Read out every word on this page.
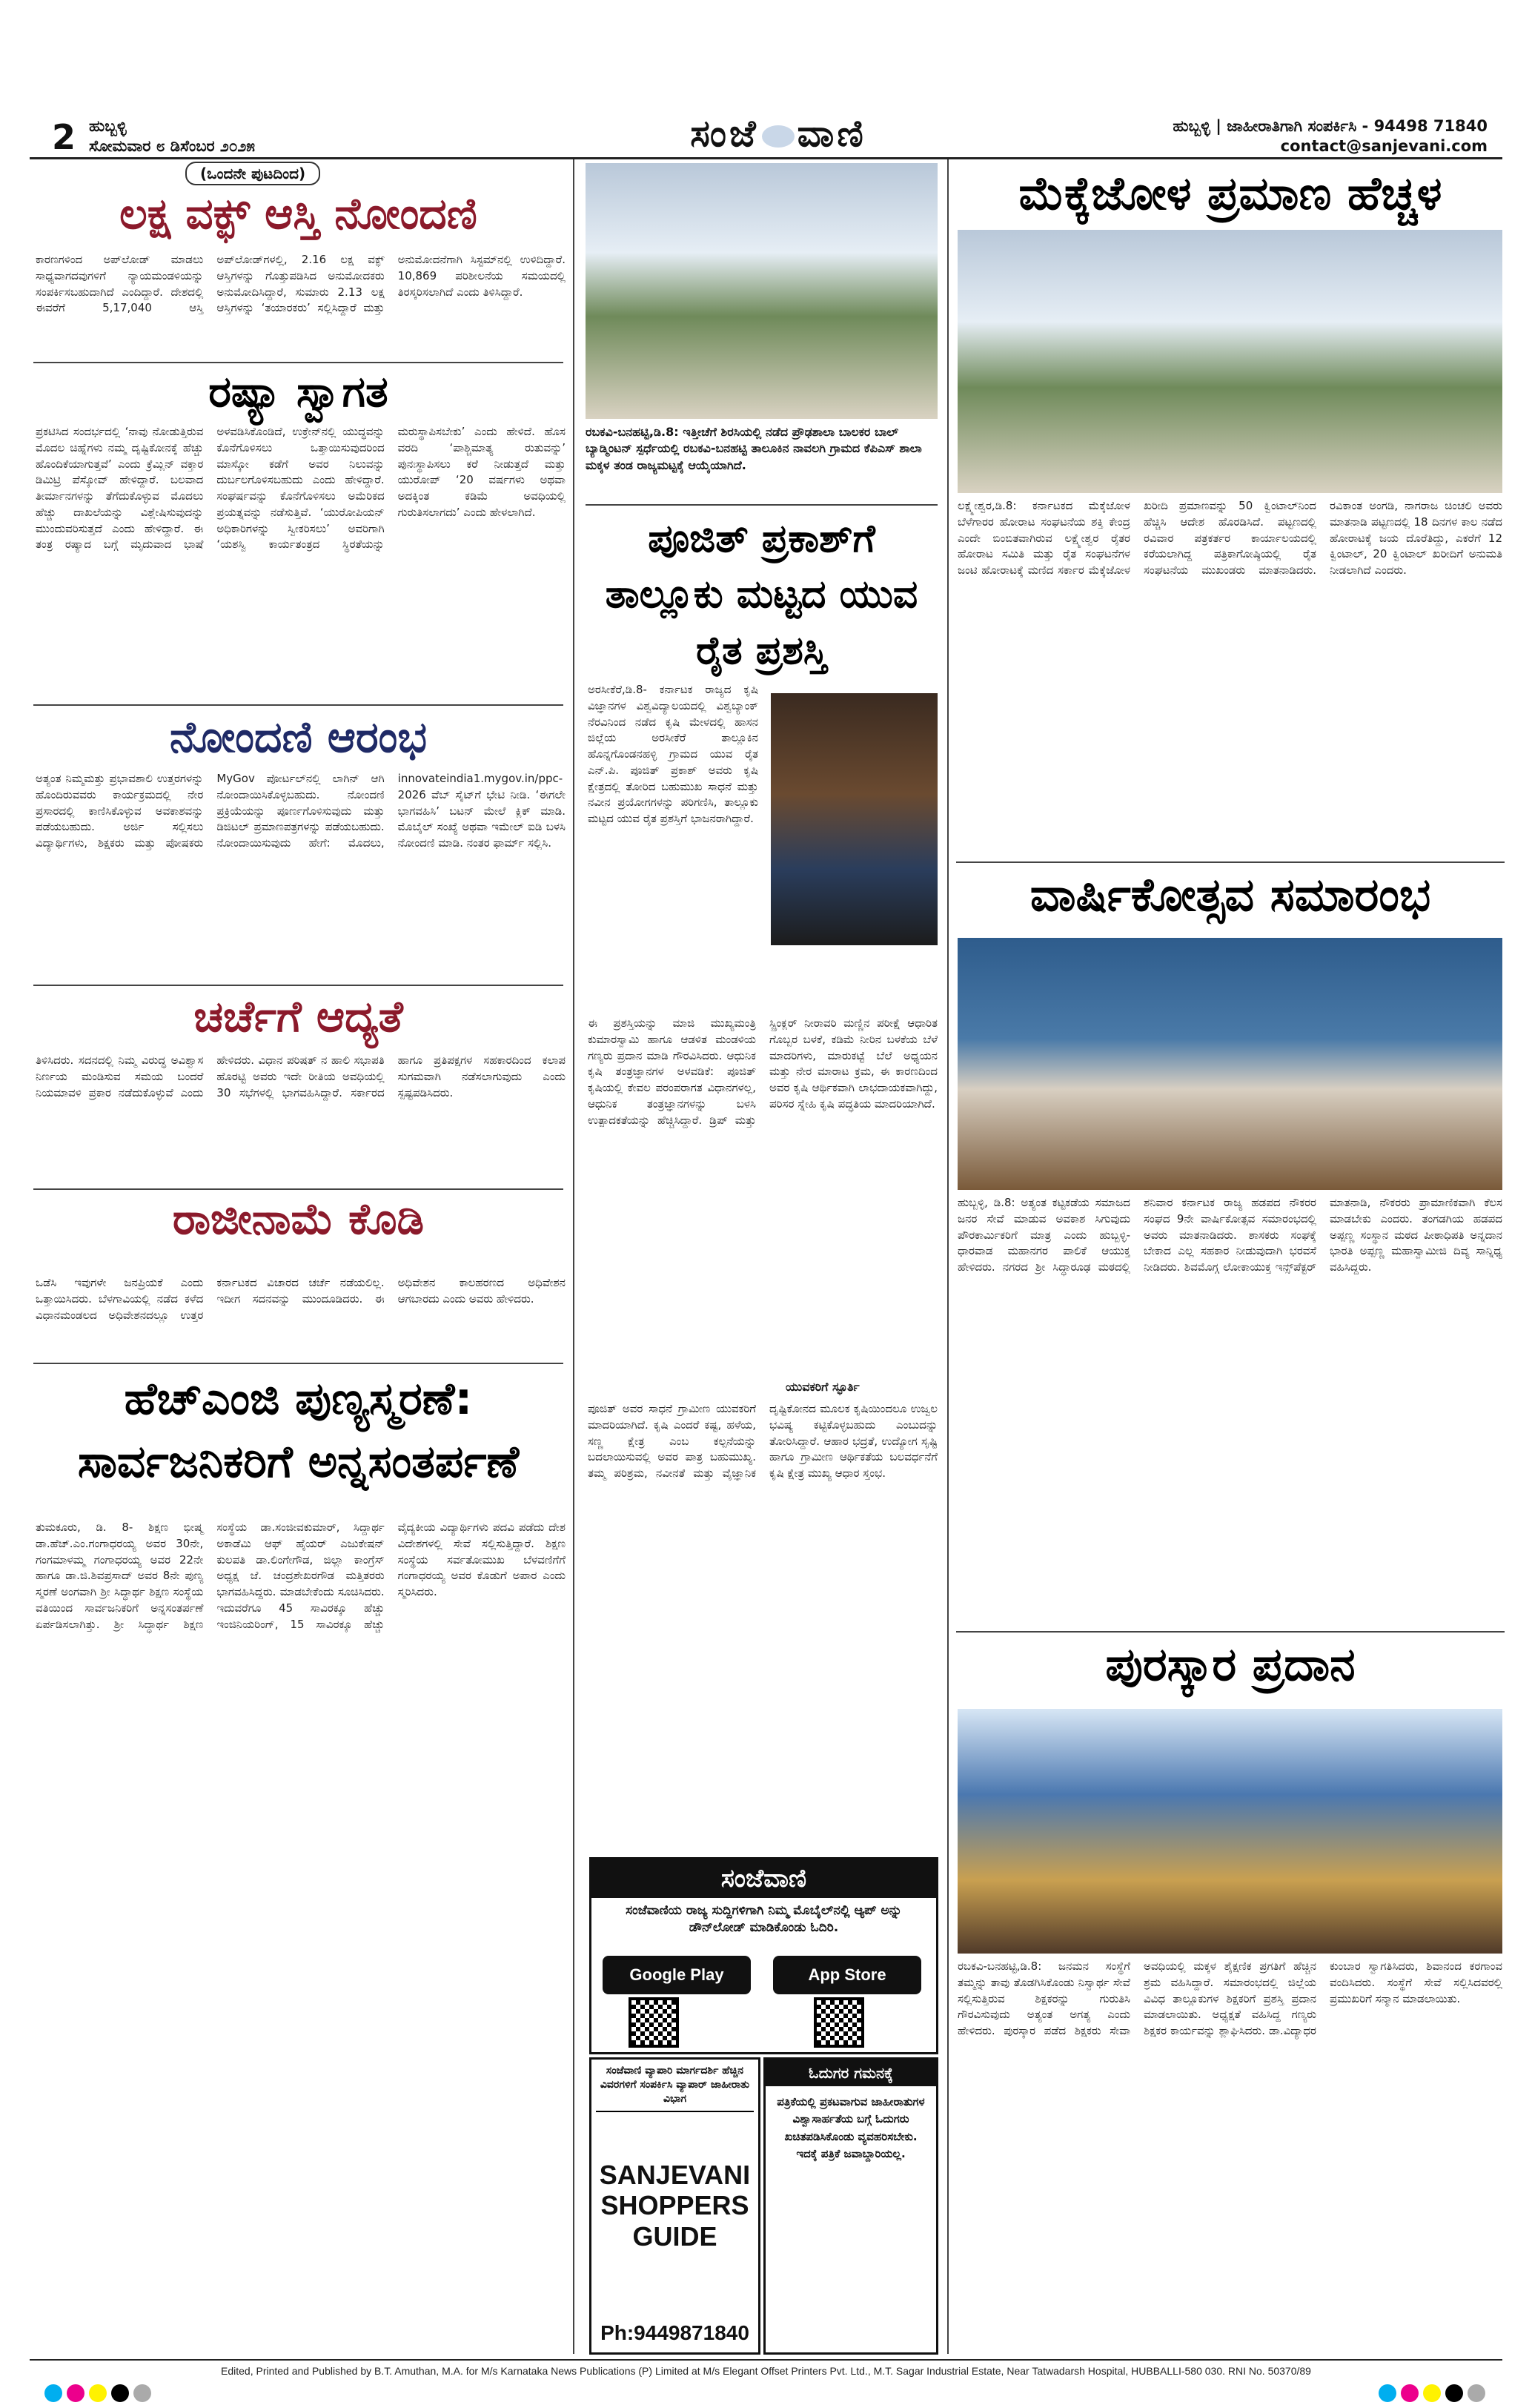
2 ಹುಬ್ಬಳ್ಳಿ
ಸೋಮವಾರ ೮ ಡಿಸೆಂಬರ ೨೦೨೫	ಸಂಜೆ ವಾಣಿ	ಹುಬ್ಬಳ್ಳಿ | ಜಾಹೀರಾತಿಗಾಗಿ ಸಂಪರ್ಕಿಸಿ - 94498 71840
contact@sanjevani.com
(ಒಂದನೇ ಪುಟದಿಂದ)
ಲಕ್ಷ ವಕ್ಫ್ ಆಸ್ತಿ ನೋಂದಣಿ
ಕಾರಣಗಳಿಂದ ಅಪ್‌ಲೋಡ್ ಮಾಡಲು ಸಾಧ್ಯವಾಗದವುಗಳಿಗೆ ನ್ಯಾಯಮಂಡಳಿಯನ್ನು ಸಂಪರ್ಕಿಸಬಹುದಾಗಿದೆ ಎಂದಿದ್ದಾರೆ. ದೇಶದಲ್ಲಿ ಈವರೆಗೆ 5,17,040 ಆಸ್ತಿ ಅಪ್‌ಲೋಡ್‌ಗಳಲ್ಲಿ, 2.16 ಲಕ್ಷ ವಕ್ಫ್ ಆಸ್ತಿಗಳನ್ನು ಗೊತ್ತುಪಡಿಸಿದ ಅನುಮೋದಕರು ಅನುಮೋದಿಸಿದ್ದಾರೆ, ಸುಮಾರು 2.13 ಲಕ್ಷ ಆಸ್ತಿಗಳನ್ನು ‘ತಯಾರಕರು’ ಸಲ್ಲಿಸಿದ್ದಾರೆ ಮತ್ತು ಅನುಮೋದನೆಗಾಗಿ ಸಿಸ್ಟಮ್‌ನಲ್ಲಿ ಉಳಿದಿದ್ದಾರೆ. 10,869 ಪರಿಶೀಲನೆಯ ಸಮಯದಲ್ಲಿ ತಿರಸ್ಕರಿಸಲಾಗಿದೆ ಎಂದು ತಿಳಿಸಿದ್ದಾರೆ.
ರಷ್ಯಾ ಸ್ವಾಗತ
ಪ್ರಕಟಿಸಿದ ಸಂದರ್ಭದಲ್ಲಿ ‘ನಾವು ನೋಡುತ್ತಿರುವ ಮೊದಲ ಚಿಹ್ನೆಗಳು ನಮ್ಮ ದೃಷ್ಟಿಕೋನಕ್ಕೆ ಹೆಚ್ಚು ಹೊಂದಿಕೆಯಾಗುತ್ತವೆ’ ಎಂದು ಕ್ರೆಮ್ಲಿನ್ ವಕ್ತಾರ ಡಿಮಿಟ್ರಿ ಪೆಸ್ಕೋವ್ ಹೇಳಿದ್ದಾರೆ. ಬಲವಾದ ತೀರ್ಮಾನಗಳನ್ನು ತೆಗೆದುಕೊಳ್ಳುವ ಮೊದಲು ಹೆಚ್ಚು ದಾಖಲೆಯನ್ನು ವಿಶ್ಲೇಷಿಸುವುದನ್ನು ಮುಂದುವರಿಸುತ್ತದೆ ಎಂದು ಹೇಳಿದ್ದಾರೆ. ಈ ತಂತ್ರ ರಷ್ಯಾದ ಬಗ್ಗೆ ಮೃದುವಾದ ಭಾಷೆ ಅಳವಡಿಸಿಕೊಂಡಿದೆ, ಉಕ್ರೇನ್‌ನಲ್ಲಿ ಯುದ್ಧವನ್ನು ಕೊನೆಗೊಳಿಸಲು ಒತ್ತಾಯಿಸುವುದರಿಂದ ಮಾಸ್ಕೋ ಕಡೆಗೆ ಅವರ ನಿಲುವನ್ನು ದುರ್ಬಲಗೊಳಿಸಬಹುದು ಎಂದು ಹೇಳಿದ್ದಾರೆ. ಸಂಘರ್ಷವನ್ನು ಕೊನೆಗೊಳಿಸಲು ಅಮೆರಿಕದ ಪ್ರಯತ್ನವನ್ನು ನಡೆಸುತ್ತಿವೆ. ‘ಯುರೋಪಿಯನ್ ಅಧಿಕಾರಿಗಳನ್ನು ಸ್ವೀಕರಿಸಲು’ ಅವರಿಗಾಗಿ ‘ಯಶಸ್ವಿ ಕಾರ್ಯತಂತ್ರದ ಸ್ಥಿರತೆಯನ್ನು ಮರುಸ್ಥಾಪಿಸಬೇಕು’ ಎಂದು ಹೇಳಿದೆ. ಹೊಸ ವರದಿ ‘ಪಾಶ್ಚಿಮಾತ್ಯ ರುತುವನ್ನು’ ಪುನಃಸ್ಥಾಪಿಸಲು ಕರೆ ನೀಡುತ್ತದೆ ಮತ್ತು ಯುರೋಪ್ ‘20 ವರ್ಷಗಳು ಅಥವಾ ಅದಕ್ಕಿಂತ ಕಡಿಮೆ ಅವಧಿಯಲ್ಲಿ ಗುರುತಿಸಲಾಗದು’ ಎಂದು ಹೇಳಲಾಗಿದೆ.
ನೋಂದಣಿ ಆರಂಭ
ಅತ್ಯಂತ ನಿಮ್ಮಮತ್ತು ಪ್ರಭಾವಶಾಲಿ ಉತ್ತರಗಳನ್ನು ಹೊಂದಿರುವವರು ಕಾರ್ಯಕ್ರಮದಲ್ಲಿ ನೇರ ಪ್ರಸಾರದಲ್ಲಿ ಕಾಣಿಸಿಕೊಳ್ಳುವ ಅವಕಾಶವನ್ನು ಪಡೆಯಬಹುದು. ಅರ್ಜಿ ಸಲ್ಲಿಸಲು ವಿದ್ಯಾರ್ಥಿಗಳು, ಶಿಕ್ಷಕರು ಮತ್ತು ಪೋಷಕರು MyGov ಪೋರ್ಟಲ್‌ನಲ್ಲಿ ಲಾಗಿನ್ ಆಗಿ ನೋಂದಾಯಿಸಿಕೊಳ್ಳಬಹುದು. ನೋಂದಣಿ ಪ್ರಕ್ರಿಯೆಯನ್ನು ಪೂರ್ಣಗೊಳಿಸುವುದು ಮತ್ತು ಡಿಜಿಟಲ್ ಪ್ರಮಾಣಪತ್ರಗಳನ್ನು ಪಡೆಯಬಹುದು. ನೋಂದಾಯಿಸುವುದು ಹೇಗೆ: ಮೊದಲು, innovateindia1.mygov.in/ppc-2026 ವೆಬ್ ಸೈಟ್‌ಗೆ ಭೇಟಿ ನೀಡಿ. ‘ಈಗಲೇ ಭಾಗವಹಿಸಿ’ ಬಟನ್ ಮೇಲೆ ಕ್ಲಿಕ್ ಮಾಡಿ. ಮೊಬೈಲ್ ಸಂಖ್ಯೆ ಅಥವಾ ಇಮೇಲ್ ಐಡಿ ಬಳಸಿ ನೋಂದಣಿ ಮಾಡಿ. ನಂತರ ಫಾರ್ಮ್ ಸಲ್ಲಿಸಿ.
ಚರ್ಚೆಗೆ ಆದ್ಯತೆ
ತಿಳಿಸಿದರು. ಸದನದಲ್ಲಿ ನಿಮ್ಮ ವಿರುದ್ಧ ಅವಿಶ್ವಾಸ ನಿರ್ಣಯ ಮಂಡಿಸುವ ಸಮಯ ಬಂದರೆ ನಿಯಮಾವಳಿ ಪ್ರಕಾರ ನಡೆದುಕೊಳ್ಳುವೆ ಎಂದು ಹೇಳಿದರು. ವಿಧಾನ ಪರಿಷತ್ ನ ಹಾಲಿ ಸಭಾಪತಿ ಹೊರಟ್ಟಿ ಅವರು ಇದೇ ರೀತಿಯ ಅವಧಿಯಲ್ಲಿ 30 ಸಭೆಗಳಲ್ಲಿ ಭಾಗವಹಿಸಿದ್ದಾರೆ. ಸರ್ಕಾರದ ಹಾಗೂ ಪ್ರತಿಪಕ್ಷಗಳ ಸಹಕಾರದಿಂದ ಕಲಾಪ ಸುಗಮವಾಗಿ ನಡೆಸಲಾಗುವುದು ಎಂದು ಸ್ಪಷ್ಟಪಡಿಸಿದರು.
ರಾಜೀನಾಮೆ ಕೊಡಿ
ಒಡೆಸಿ ಇವುಗಳೇ ಜನಪ್ರಿಯಕೆ ಎಂದು ಒತ್ತಾಯಿಸಿದರು. ಬೆಳಗಾವಿಯಲ್ಲಿ ನಡೆದ ಕಳೆದ ವಿಧಾನಮಂಡಲದ ಅಧಿವೇಶನದಲ್ಲೂ ಉತ್ತರ ಕರ್ನಾಟಕದ ವಿಚಾರದ ಚರ್ಚೆ ನಡೆಯಲಿಲ್ಲ. ಇದೀಗ ಸದನವನ್ನು ಮುಂದೂಡಿದರು. ಈ ಅಧಿವೇಶನ ಕಾಲಹರಣದ ಅಧಿವೇಶನ ಆಗಬಾರದು ಎಂದು ಅವರು ಹೇಳಿದರು.
ಹೆಚ್‌ಎಂಜಿ ಪುಣ್ಯಸ್ಮರಣೆ:
ಸಾರ್ವಜನಿಕರಿಗೆ ಅನ್ನಸಂತರ್ಪಣೆ
ತುಮಕೂರು, ಡಿ. 8- ಶಿಕ್ಷಣ ಭೀಷ್ಮ ಡಾ.ಹೆಚ್.ಎಂ.ಗಂಗಾಧರಯ್ಯ ಅವರ 30ನೇ, ಗಂಗಮಾಳಮ್ಮ ಗಂಗಾಧರಯ್ಯ ಅವರ 22ನೇ ಹಾಗೂ ಡಾ.ಜಿ.ಶಿವಪ್ರಸಾದ್ ಅವರ 8ನೇ ಪುಣ್ಯ ಸ್ಮರಣೆ ಅಂಗವಾಗಿ ಶ್ರೀ ಸಿದ್ಧಾರ್ಥ ಶಿಕ್ಷಣ ಸಂಸ್ಥೆಯ ವತಿಯಿಂದ ಸಾರ್ವಜನಿಕರಿಗೆ ಅನ್ನಸಂತರ್ಪಣೆ ಏರ್ಪಡಿಸಲಾಗಿತ್ತು. ಶ್ರೀ ಸಿದ್ಧಾರ್ಥ ಶಿಕ್ಷಣ ಸಂಸ್ಥೆಯ ಡಾ.ಸಂಜೀವಕುಮಾರ್, ಸಿದ್ದಾರ್ಥ ಅಕಾಡೆಮಿ ಆಫ್ ಹೈಯರ್ ಎಜುಕೇಷನ್ ಕುಲಪತಿ ಡಾ.ಲಿಂಗೇಗೌಡ, ಜಿಲ್ಲಾ ಕಾಂಗ್ರೆಸ್ ಅಧ್ಯಕ್ಷ ಜೆ. ಚಂದ್ರಶೇಖರಗೌಡ ಮತ್ತಿತರರು ಭಾಗವಹಿಸಿದ್ದರು. ಮಾಡಬೇಕೆಂದು ಸೂಚಿಸಿದರು. ಇದುವರೆಗೂ 45 ಸಾವಿರಕ್ಕೂ ಹೆಚ್ಚು ಇಂಜಿನಿಯರಿಂಗ್, 15 ಸಾವಿರಕ್ಕೂ ಹೆಚ್ಚು ವೈದ್ಯಕೀಯ ವಿದ್ಯಾರ್ಥಿಗಳು ಪದವಿ ಪಡೆದು ದೇಶ ವಿದೇಶಗಳಲ್ಲಿ ಸೇವೆ ಸಲ್ಲಿಸುತ್ತಿದ್ದಾರೆ. ಶಿಕ್ಷಣ ಸಂಸ್ಥೆಯ ಸರ್ವತೋಮುಖ ಬೆಳವಣಿಗೆಗೆ ಗಂಗಾಧರಯ್ಯ ಅವರ ಕೊಡುಗೆ ಅಪಾರ ಎಂದು ಸ್ಮರಿಸಿದರು.
ರಬಕವಿ-ಬನಹಟ್ಟಿ,ಡಿ.8: ಇತ್ತೀಚೆಗೆ ಶಿರಸಿಯಲ್ಲಿ ನಡೆದ ಪ್ರೌಢಶಾಲಾ ಬಾಲಕರ ಬಾಲ್ ಬ್ಯಾಡ್ಮಿಂಟನ್ ಸ್ಪರ್ಧೆಯಲ್ಲಿ ರಬಕವಿ-ಬನಹಟ್ಟಿ ತಾಲೂಕಿನ ನಾವಲಗಿ ಗ್ರಾಮದ ಕೆಪಿಎಸ್ ಶಾಲಾ ಮಕ್ಕಳ ತಂಡ ರಾಜ್ಯಮಟ್ಟಕ್ಕೆ ಆಯ್ಕೆಯಾಗಿದೆ.
ಪೂಜಿತ್ ಪ್ರಕಾಶ್‌ಗೆ ತಾಲ್ಲೂಕು ಮಟ್ಟದ ಯುವ ರೈತ ಪ್ರಶಸ್ತಿ
ಅರಸೀಕೆರೆ,ಡಿ.8- ಕರ್ನಾಟಕ ರಾಜ್ಯದ ಕೃಷಿ ವಿಜ್ಞಾನಗಳ ವಿಶ್ವವಿದ್ಯಾಲಯದಲ್ಲಿ ವಿಶ್ವಬ್ಯಾಂಕ್ ನೆರವಿನಿಂದ ನಡೆದ ಕೃಷಿ ಮೇಳದಲ್ಲಿ ಹಾಸನ ಜಿಲ್ಲೆಯ ಅರಸೀಕೆರೆ ತಾಲ್ಲೂಕಿನ ಹೊನ್ನಗೊಂಡನಹಳ್ಳಿ ಗ್ರಾಮದ ಯುವ ರೈತ ಎನ್.ಪಿ. ಪೂಜಿತ್ ಪ್ರಕಾಶ್ ಅವರು ಕೃಷಿ ಕ್ಷೇತ್ರದಲ್ಲಿ ತೋರಿದ ಬಹುಮುಖ ಸಾಧನೆ ಮತ್ತು ನವೀನ ಪ್ರಯೋಗಗಳನ್ನು ಪರಿಗಣಿಸಿ, ತಾಲ್ಲೂಕು ಮಟ್ಟದ ಯುವ ರೈತ ಪ್ರಶಸ್ತಿಗೆ ಭಾಜನರಾಗಿದ್ದಾರೆ.
ಈ ಪ್ರಶಸ್ತಿಯನ್ನು ಮಾಜಿ ಮುಖ್ಯಮಂತ್ರಿ ಕುಮಾರಸ್ವಾಮಿ ಹಾಗೂ ಆಡಳಿತ ಮಂಡಳಿಯ ಗಣ್ಯರು ಪ್ರದಾನ ಮಾಡಿ ಗೌರವಿಸಿದರು. ಆಧುನಿಕ ಕೃಷಿ ತಂತ್ರಜ್ಞಾನಗಳ ಅಳವಡಿಕೆ: ಪೂಜಿತ್ ಕೃಷಿಯಲ್ಲಿ ಕೇವಲ ಪರಂಪರಾಗತ ವಿಧಾನಗಳಲ್ಲ, ಆಧುನಿಕ ತಂತ್ರಜ್ಞಾನಗಳನ್ನು ಬಳಸಿ ಉತ್ಪಾದಕತೆಯನ್ನು ಹೆಚ್ಚಿಸಿದ್ದಾರೆ. ಡ್ರಿಪ್ ಮತ್ತು ಸ್ಪ್ರಿಂಕ್ಲರ್ ನೀರಾವರಿ ಮಣ್ಣಿನ ಪರೀಕ್ಷೆ ಆಧಾರಿತ ಗೊಬ್ಬರ ಬಳಕೆ, ಕಡಿಮೆ ನೀರಿನ ಬಳಕೆಯ ಬೆಳೆ ಮಾದರಿಗಳು, ಮಾರುಕಟ್ಟೆ ಬೆಲೆ ಅಧ್ಯಯನ ಮತ್ತು ನೇರ ಮಾರಾಟ ಕ್ರಮ, ಈ ಕಾರಣದಿಂದ ಅವರ ಕೃಷಿ ಆರ್ಥಿಕವಾಗಿ ಲಾಭದಾಯಕವಾಗಿದ್ದು, ಪರಿಸರ ಸ್ನೇಹಿ ಕೃಷಿ ಪದ್ಧತಿಯ ಮಾದರಿಯಾಗಿದೆ.
ಯುವಕರಿಗೆ ಸ್ಫೂರ್ತಿ
ಪೂಜಿತ್ ಅವರ ಸಾಧನೆ ಗ್ರಾಮೀಣ ಯುವಕರಿಗೆ ಮಾದರಿಯಾಗಿದೆ. ಕೃಷಿ ಎಂದರೆ ಕಷ್ಟ, ಹಳೆಯ, ಸಣ್ಣ ಕ್ಷೇತ್ರ ಎಂಬ ಕಲ್ಪನೆಯನ್ನು ಬದಲಾಯಿಸುವಲ್ಲಿ ಅವರ ಪಾತ್ರ ಬಹುಮುಖ್ಯ. ತಮ್ಮ ಪರಿಶ್ರಮ, ನವೀನತೆ ಮತ್ತು ವೈಜ್ಞಾನಿಕ ದೃಷ್ಟಿಕೋನದ ಮೂಲಕ ಕೃಷಿಯಿಂದಲೂ ಉಜ್ವಲ ಭವಿಷ್ಯ ಕಟ್ಟಿಕೊಳ್ಳಬಹುದು ಎಂಬುದನ್ನು ತೋರಿಸಿದ್ದಾರೆ. ಆಹಾರ ಭದ್ರತೆ, ಉದ್ಯೋಗ ಸೃಷ್ಟಿ ಹಾಗೂ ಗ್ರಾಮೀಣ ಆರ್ಥಿಕತೆಯ ಬಲವರ್ಧನೆಗೆ ಕೃಷಿ ಕ್ಷೇತ್ರ ಮುಖ್ಯ ಆಧಾರ ಸ್ತಂಭ.
ಸಂಜೆವಾಣಿ
ಸಂಜೆವಾಣಿಯ ರಾಜ್ಯ ಸುದ್ದಿಗಳಿಗಾಗಿ ನಿಮ್ಮ ಮೊಬೈಲ್‌ನಲ್ಲಿ ಆ್ಯಪ್ ಅನ್ನು ಡೌನ್‌ಲೋಡ್ ಮಾಡಿಕೊಂಡು ಓದಿರಿ.
Google Play	App Store
ಸಂಜೆವಾಣಿ ವ್ಯಾಪಾರಿ ಮಾರ್ಗದರ್ಶಿ ಹೆಚ್ಚಿನ ವಿವರಗಳಿಗೆ ಸಂಪರ್ಕಿಸಿ ವ್ಯಾಪಾರ್ ಜಾಹೀರಾತು ವಿಭಾಗ
SANJEVANI
SHOPPERS
GUIDE
Ph:9449871840
ಓದುಗರ ಗಮನಕ್ಕೆ
ಪತ್ರಿಕೆಯಲ್ಲಿ ಪ್ರಕಟವಾಗುವ ಜಾಹೀರಾತುಗಳ ವಿಶ್ವಾಸಾರ್ಹತೆಯ ಬಗ್ಗೆ ಓದುಗರು ಖಚಿತಪಡಿಸಿಕೊಂಡು ವ್ಯವಹರಿಸಬೇಕು. ಇದಕ್ಕೆ ಪತ್ರಿಕೆ ಜವಾಬ್ದಾರಿಯಲ್ಲ.
ಮೆಕ್ಕೆಜೋಳ ಪ್ರಮಾಣ ಹೆಚ್ಚಳ
ಲಕ್ಷ್ಮೇಶ್ವರ,ಡಿ.8: ಕರ್ನಾಟಕದ ಮೆಕ್ಕೆಜೋಳ ಬೆಳೆಗಾರರ ಹೋರಾಟ ಸಂಘಟನೆಯ ಶಕ್ತಿ ಕೇಂದ್ರ ಎಂದೇ ಬಿಂಬಿತವಾಗಿರುವ ಲಕ್ಷ್ಮೇಶ್ವರ ರೈತರ ಹೋರಾಟ ಸಮಿತಿ ಮತ್ತು ರೈತ ಸಂಘಟನೆಗಳ ಜಂಟಿ ಹೋರಾಟಕ್ಕೆ ಮಣಿದ ಸರ್ಕಾರ ಮೆಕ್ಕೆಜೋಳ ಖರೀದಿ ಪ್ರಮಾಣವನ್ನು 50 ಕ್ವಿಂಟಾಲ್‌ನಿಂದ ಹೆಚ್ಚಿಸಿ ಆದೇಶ ಹೊರಡಿಸಿದೆ. ಪಟ್ಟಣದಲ್ಲಿ ರವಿವಾರ ಪತ್ರಕರ್ತರ ಕಾರ್ಯಾಲಯದಲ್ಲಿ ಕರೆಯಲಾಗಿದ್ದ ಪತ್ರಿಕಾಗೋಷ್ಠಿಯಲ್ಲಿ ರೈತ ಸಂಘಟನೆಯ ಮುಖಂಡರು ಮಾತನಾಡಿದರು. ರವಿಕಾಂತ ಅಂಗಡಿ, ನಾಗರಾಜ ಚಿಂಚಲಿ ಅವರು ಮಾತನಾಡಿ ಪಟ್ಟಣದಲ್ಲಿ 18 ದಿನಗಳ ಕಾಲ ನಡೆದ ಹೋರಾಟಕ್ಕೆ ಜಯ ದೊರೆತಿದ್ದು, ಎಕರೆಗೆ 12 ಕ್ವಿಂಟಾಲ್, 20 ಕ್ವಿಂಟಾಲ್ ಖರೀದಿಗೆ ಅನುಮತಿ ನೀಡಲಾಗಿದೆ ಎಂದರು.
ವಾರ್ಷಿಕೋತ್ಸವ ಸಮಾರಂಭ
ಹುಬ್ಬಳ್ಳಿ, ಡಿ.8: ಅತ್ಯಂತ ಕಟ್ಟಕಡೆಯ ಸಮಾಜದ ಜನರ ಸೇವೆ ಮಾಡುವ ಅವಕಾಶ ಸಿಗುವುದು ಪೌರಕಾರ್ಮಿಕರಿಗೆ ಮಾತ್ರ ಎಂದು ಹುಬ್ಬಳ್ಳಿ-ಧಾರವಾಡ ಮಹಾನಗರ ಪಾಲಿಕೆ ಆಯುಕ್ತ ಹೇಳಿದರು. ನಗರದ ಶ್ರೀ ಸಿದ್ಧಾರೂಢ ಮಠದಲ್ಲಿ ಶನಿವಾರ ಕರ್ನಾಟಕ ರಾಜ್ಯ ಹಡಪದ ನೌಕರರ ಸಂಘದ 9ನೇ ವಾರ್ಷಿಕೋತ್ಸವ ಸಮಾರಂಭದಲ್ಲಿ ಅವರು ಮಾತನಾಡಿದರು. ಶಾಸಕರು ಸಂಘಕ್ಕೆ ಬೇಕಾದ ಎಲ್ಲ ಸಹಕಾರ ನೀಡುವುದಾಗಿ ಭರವಸೆ ನೀಡಿದರು. ಶಿವಮೊಗ್ಗ ಲೋಕಾಯುಕ್ತ ಇನ್ಸ್‌ಪೆಕ್ಟರ್ ಮಾತನಾಡಿ, ನೌಕರರು ಪ್ರಾಮಾಣಿಕವಾಗಿ ಕೆಲಸ ಮಾಡಬೇಕು ಎಂದರು. ತಂಗಡಗಿಯ ಹಡಪದ ಅಪ್ಪಣ್ಣ ಸಂಸ್ಥಾನ ಮಠದ ಪೀಠಾಧಿಪತಿ ಅನ್ನದಾನ ಭಾರತಿ ಅಪ್ಪಣ್ಣ ಮಹಾಸ್ವಾಮೀಜಿ ದಿವ್ಯ ಸಾನ್ನಿಧ್ಯ ವಹಿಸಿದ್ದರು.
ಪುರಸ್ಕಾರ ಪ್ರದಾನ
ರಬಕವಿ-ಬನಹಟ್ಟಿ,ಡಿ.8: ಜನಮನ ಸಂಸ್ಥೆಗೆ ತಮ್ಮನ್ನು ತಾವು ತೊಡಗಿಸಿಕೊಂಡು ನಿಸ್ವಾರ್ಥ ಸೇವೆ ಸಲ್ಲಿಸುತ್ತಿರುವ ಶಿಕ್ಷಕರನ್ನು ಗುರುತಿಸಿ ಗೌರವಿಸುವುದು ಅತ್ಯಂತ ಅಗತ್ಯ ಎಂದು ಹೇಳಿದರು. ಪುರಸ್ಕಾರ ಪಡೆದ ಶಿಕ್ಷಕರು ಸೇವಾ ಅವಧಿಯಲ್ಲಿ ಮಕ್ಕಳ ಶೈಕ್ಷಣಿಕ ಪ್ರಗತಿಗೆ ಹೆಚ್ಚಿನ ಶ್ರಮ ವಹಿಸಿದ್ದಾರೆ. ಸಮಾರಂಭದಲ್ಲಿ ಜಿಲ್ಲೆಯ ವಿವಿಧ ತಾಲ್ಲೂಕುಗಳ ಶಿಕ್ಷಕರಿಗೆ ಪ್ರಶಸ್ತಿ ಪ್ರದಾನ ಮಾಡಲಾಯಿತು. ಅಧ್ಯಕ್ಷತೆ ವಹಿಸಿದ್ದ ಗಣ್ಯರು ಶಿಕ್ಷಕರ ಕಾರ್ಯವನ್ನು ಶ್ಲಾಘಿಸಿದರು. ಡಾ.ವಿದ್ಯಾಧರ ಕುಂಬಾರ ಸ್ವಾಗತಿಸಿದರು, ಶಿವಾನಂದ ಕರಗಾಂವ ವಂದಿಸಿದರು. ಸಂಸ್ಥೆಗೆ ಸೇವೆ ಸಲ್ಲಿಸಿದವರಲ್ಲಿ ಪ್ರಮುಖರಿಗೆ ಸನ್ಮಾನ ಮಾಡಲಾಯಿತು.
Edited, Printed and Published by B.T. Amuthan, M.A. for M/s Karnataka News Publications (P) Limited at M/s Elegant Offset Printers Pvt. Ltd., M.T. Sagar Industrial Estate, Near Tatwadarsh Hospital, HUBBALLI-580 030. RNI No. 50370/89
